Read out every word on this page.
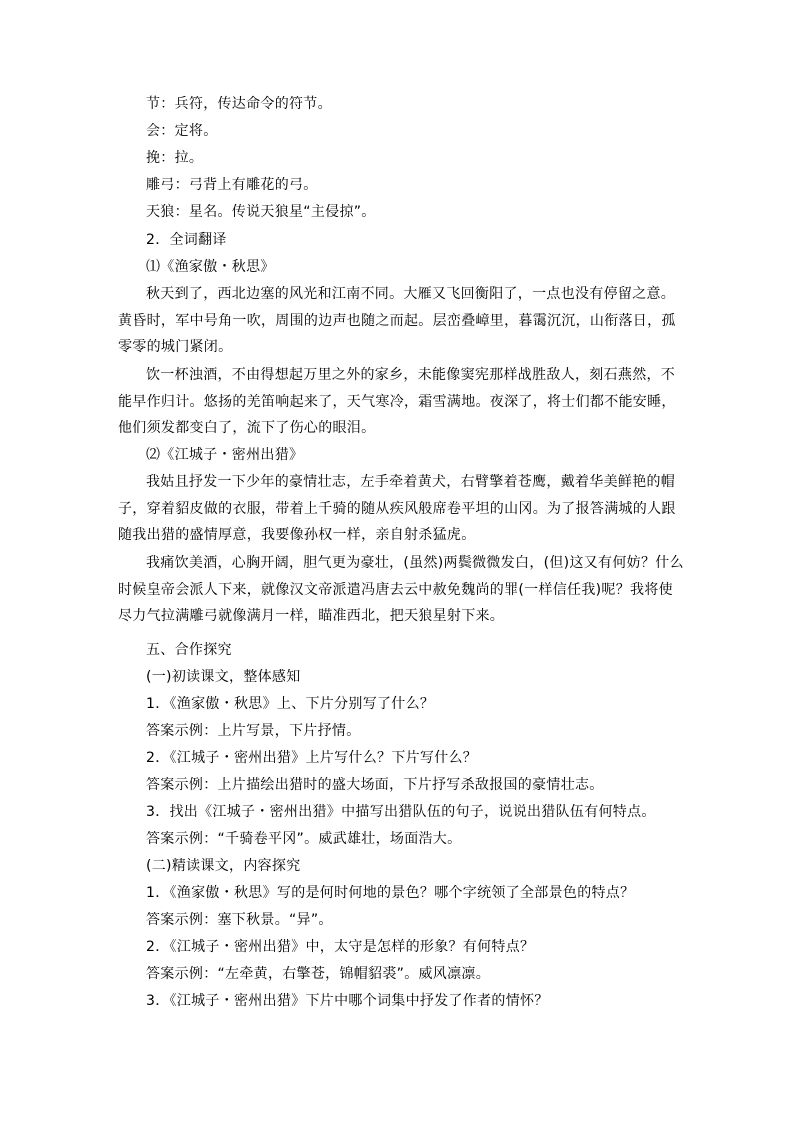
节：兵符，传达命令的符节。
会：定将。
挽：拉。
雕弓：弓背上有雕花的弓。
天狼：星名。传说天狼星“主侵掠”。
2．全词翻译
⑴《渔家傲・秋思》
秋天到了，西北边塞的风光和江南不同。大雁又飞回衡阳了，一点也没有停留之意。黄昏时，军中号角一吹，周围的边声也随之而起。层峦叠嶂里，暮霭沉沉，山衔落日，孤零零的城门紧闭。
饮一杯浊酒，不由得想起万里之外的家乡，未能像窦宪那样战胜敌人，刻石燕然，不能早作归计。悠扬的羌笛响起来了，天气寒冷，霜雪满地。夜深了，将士们都不能安睡，他们须发都变白了，流下了伤心的眼泪。
⑵《江城子・密州出猎》
我姑且抒发一下少年的豪情壮志，左手牵着黄犬，右臂擎着苍鹰，戴着华美鲜艳的帽子，穿着貂皮做的衣服，带着上千骑的随从疾风般席卷平坦的山冈。为了报答满城的人跟随我出猎的盛情厚意，我要像孙权一样，亲自射杀猛虎。
我痛饮美酒，心胸开阔，胆气更为豪壮，(虽然)两鬓微微发白，(但)这又有何妨？什么时候皇帝会派人下来，就像汉文帝派遣冯唐去云中赦免魏尚的罪(一样信任我)呢？我将使尽力气拉满雕弓就像满月一样，瞄准西北，把天狼星射下来。
五、合作探究
(一)初读课文，整体感知
1．《渔家傲・秋思》上、下片分别写了什么？
答案示例：上片写景，下片抒情。
2．《江城子・密州出猎》上片写什么？下片写什么？
答案示例：上片描绘出猎时的盛大场面，下片抒写杀敌报国的豪情壮志。
3．找出《江城子・密州出猎》中描写出猎队伍的句子，说说出猎队伍有何特点。
答案示例：“千骑卷平冈”。威武雄壮，场面浩大。
(二)精读课文，内容探究
1．《渔家傲・秋思》写的是何时何地的景色？哪个字统领了全部景色的特点？
答案示例：塞下秋景。“异”。
2．《江城子・密州出猎》中，太守是怎样的形象？有何特点？
答案示例：“左牵黄，右擎苍，锦帽貂裘”。威风凛凛。
3．《江城子・密州出猎》下片中哪个词集中抒发了作者的情怀？
